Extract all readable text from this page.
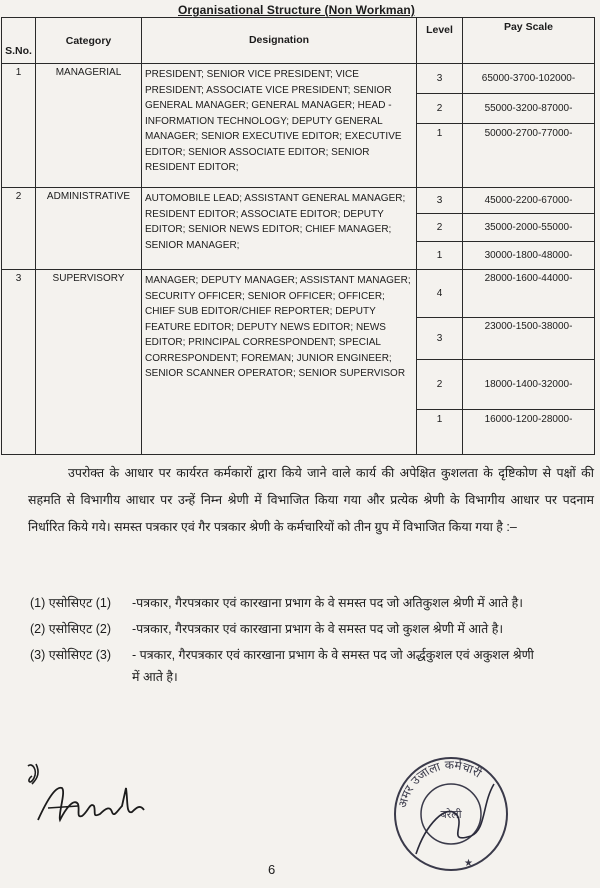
Organisational Structure (Non Workman)
S.No.	Category	Designation	Level	Pay Scale
1	MANAGERIAL	PRESIDENT; SENIOR VICE PRESIDENT; VICE PRESIDENT; ASSOCIATE VICE PRESIDENT; SENIOR GENERAL MANAGER; GENERAL MANAGER; HEAD - INFORMATION TECHNOLOGY; DEPUTY GENERAL MANAGER; SENIOR EXECUTIVE EDITOR; EXECUTIVE EDITOR; SENIOR ASSOCIATE EDITOR; SENIOR RESIDENT EDITOR;	3	65000-3700-102000-
			2	55000-3200-87000-
			1	50000-2700-77000-
2	ADMINISTRATIVE	AUTOMOBILE LEAD; ASSISTANT GENERAL MANAGER; RESIDENT EDITOR; ASSOCIATE EDITOR; DEPUTY EDITOR; SENIOR NEWS EDITOR; CHIEF MANAGER; SENIOR MANAGER;	3	45000-2200-67000-
			2	35000-2000-55000-
			1	30000-1800-48000-
3	SUPERVISORY	MANAGER; DEPUTY MANAGER; ASSISTANT MANAGER; SECURITY OFFICER; SENIOR OFFICER; OFFICER; CHIEF SUB EDITOR/CHIEF REPORTER; DEPUTY FEATURE EDITOR; DEPUTY NEWS EDITOR; NEWS EDITOR; PRINCIPAL CORRESPONDENT; SPECIAL CORRESPONDENT; FOREMAN; JUNIOR ENGINEER; SENIOR SCANNER OPERATOR; SENIOR SUPERVISOR	4	28000-1600-44000-
			3	23000-1500-38000-
			2	18000-1400-32000-
			1	16000-1200-28000-

उपरोक्त के आधार पर कार्यरत कर्मकारों द्वारा किये जाने वाले कार्य की अपेक्षित कुशलता के दृष्टिकोण से पक्षों की सहमति से विभागीय आधार पर उन्हें निम्न श्रेणी में विभाजित किया गया और प्रत्येक श्रेणी के विभागीय आधार पर पदनाम निर्धारित किये गये। समस्त पत्रकार एवं गैर पत्रकार श्रेणी के कर्मचारियों को तीन ग्रुप में विभाजित किया गया है :–

(1) एसोसिएट (1) -पत्रकार, गैरपत्रकार एवं कारखाना प्रभाग के वे समस्त पद जो अतिकुशल श्रेणी में आते है।
(2) एसोसिएट (2) -पत्रकार, गैरपत्रकार एवं कारखाना प्रभाग के वे समस्त पद जो कुशल श्रेणी में आते है।
(3) एसोसिएट (3) - पत्रकार, गैरपत्रकार एवं कारखाना प्रभाग के वे समस्त पद जो अर्द्धकुशल एवं अकुशल श्रेणी
में आते है।
अमर उजाला कर्मचारी
बरेली
★
6
